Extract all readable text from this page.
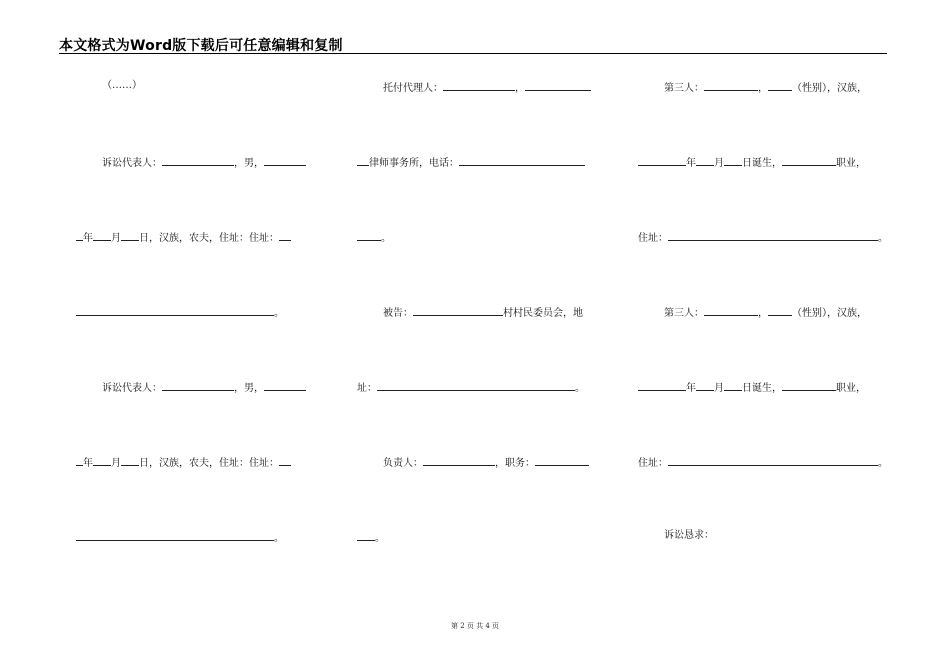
本文格式为Word版下载后可任意编辑和复制
（……）
诉讼代表人：	，男，
年 月 日，汉族，农夫，住址：住址：
。
诉讼代表人：	，男，
年 月 日，汉族，农夫，住址：住址：
。
托付代理人：	，
律师事务所，电话：
。
被告：	村村民委员会，地
址：	。
负责人：	，职务：
。
第三人：	， （性别），汉族，
年 月 日诞生，	职业，
住址：	。
第三人：	， （性别），汉族，
年 月 日诞生，	职业，
住址：	。
诉讼恳求：
第 2 页 共 4 页
